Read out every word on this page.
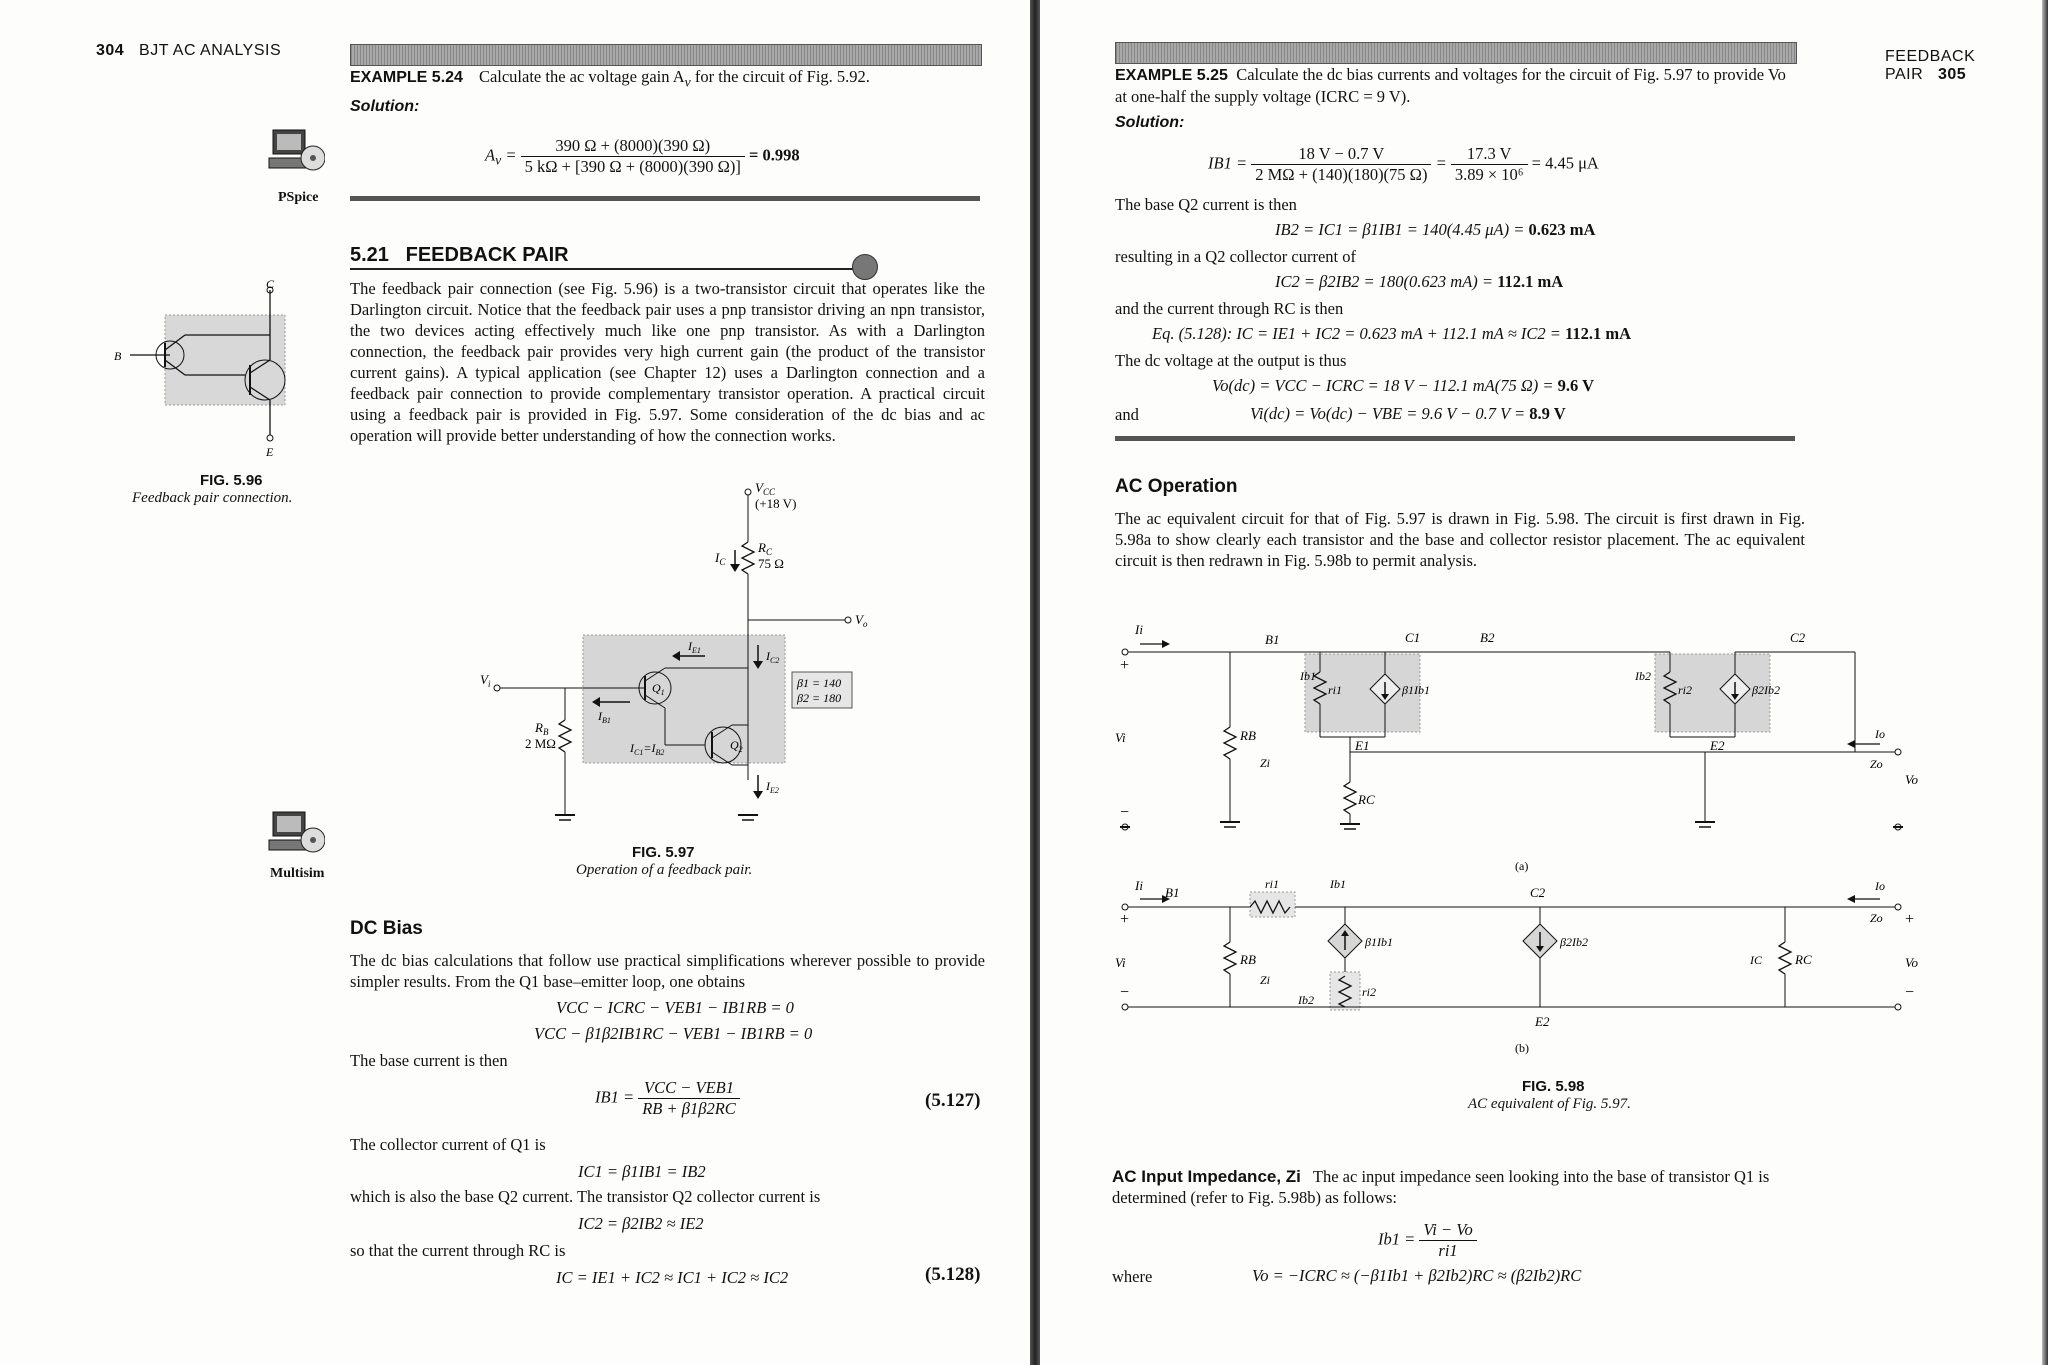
304 BJT AC ANALYSIS
EXAMPLE 5.24 Calculate the ac voltage gain $A_v$ for the circuit of Fig. 5.92.
Solution:
$A_v = \frac{390 \Omega + (8000)(390 \Omega)}{5 k\Omega + [390 \Omega + (8000)(390 \Omega)]} = 0.998$
PSpice
Multisim
5.21 FEEDBACK PAIR
The feedback pair connection (see Fig. 5.96) is a two-transistor circuit that operates like the Darlington circuit. Notice that the feedback pair uses a pnp transistor driving an npn transistor, the two devices acting effectively much like one pnp transistor. As with a Darlington connection, the feedback pair provides very high current gain (the product of the transistor current gains). A typical application (see Chapter 12) uses a Darlington connection and a feedback pair connection to provide complementary transistor operation. A practical circuit using a feedback pair is provided in Fig. 5.97. Some consideration of the dc bias and ac operation will provide better understanding of how the connection works.
C
B
E
FIG. 5.96
Feedback pair connection.
$V_{CC}$
(+18 V)
$R_C$
75 Ω
$I_C$
$V_o$
$V_i$
$R_B$
2 MΩ
$Q_1$
$Q_2$
$I_{E1}$
$I_{B1}$
$I_{C2}$
$I_{C1}=I_{B2}$
$I_{E2}$
β1 = 140
β2 = 180
FIG. 5.97
Operation of a feedback pair.
DC Bias
The dc bias calculations that follow use practical simplifications wherever possible to provide simpler results. From the Q1 base–emitter loop, one obtains
VCC − ICRC − VEB1 − IB1RB = 0
VCC − β1β2IB1RC − VEB1 − IB1RB = 0
The base current is then
$IB1 = \frac{\text{VCC − VEB1}}{RB + \beta 1\beta 2RC}$	(5.127)
The collector current of Q1 is
IC1 = β1IB1 = IB2
which is also the base Q2 current. The transistor Q2 collector current is
IC2 = β2IB2 ≈ IE2
so that the current through RC is
IC = IE1 + IC2 ≈ IC1 + IC2 ≈ IC2	(5.128)
FEEDBACK PAIR 305
EXAMPLE 5.25 Calculate the dc bias currents and voltages for the circuit of Fig. 5.97 to provide Vo at one-half the supply voltage (ICRC = 9 V).
Solution:
$IB1 = \frac{18 V - 0.7 V}{2 M\Omega + (140)(180)(75 \Omega)} = \frac{17.3 V}{\text{3.89 × 10⁶}} = 4.45$ μA
The base Q2 current is then
IB2 = IC1 = β1IB1 = 140(4.45 μA) = 0.623 mA
resulting in a Q2 collector current of
IC2 = β2IB2 = 180(0.623 mA) = 112.1 mA
and the current through RC is then
Eq. (5.128): IC = IE1 + IC2 = 0.623 mA + 112.1 mA ≈ IC2 = 112.1 mA
The dc voltage at the output is thus
Vo(dc) = VCC − ICRC = 18 V − 112.1 mA(75 Ω) = 9.6 V
and	Vi(dc) = Vo(dc) − VBE = 9.6 V − 0.7 V = 8.9 V
AC Operation
The ac equivalent circuit for that of Fig. 5.97 is drawn in Fig. 5.98. The circuit is first drawn in Fig. 5.98a to show clearly each transistor and the base and collector resistor placement. The ac equivalent circuit is then redrawn in Fig. 5.98b to permit analysis.
Ii
+
−
Vi	RB
Zi
B1
Ib1
ri1	β1Ib1
C1
E1
RC
B2
Ib2
ri2	β2Ib2
C2
E2
Io
Zo
Vo
(a)
Ii B1
+
−
Vi	RB
Zi
ri1	Ib1
β1Ib1
Ib2
ri2
C2
β2Ib2
E2
IC	RC
Io
Zo +
Vo
−
(b)
FIG. 5.98
AC equivalent of Fig. 5.97.
AC Input Impedance, Zi The ac input impedance seen looking into the base of transistor Q1 is determined (refer to Fig. 5.98b) as follows:
$Ib1 = \frac{Vi - Vo}{ri1}$
where	Vo = −ICRC ≈ (−β1Ib1 + β2Ib2)RC ≈ (β2Ib2)RC
